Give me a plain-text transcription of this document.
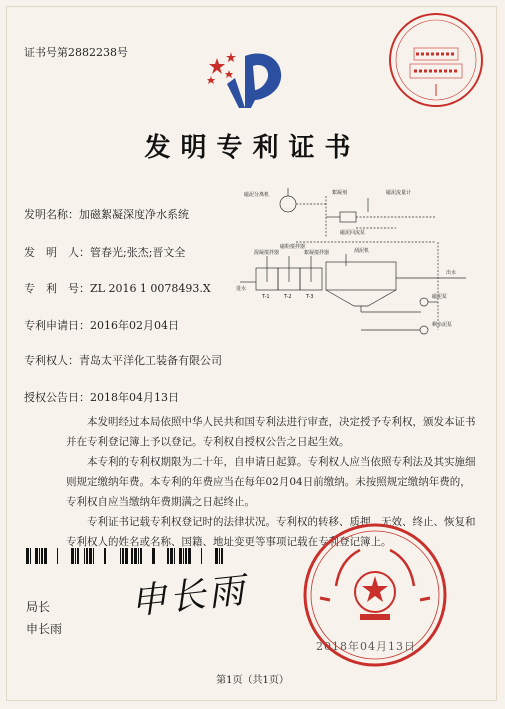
证书号第2882238号
发明专利证书
发明名称：加磁絮凝深度净水系统
发　明　人：管春光;张杰;晋文全
专　利　号：ZL 2016 1 0078493.X
专利申请日：2016年02月04日
专利权人：青岛太平洋化工装备有限公司
授权公告日：2018年04月13日
磁泥分离机	絮凝剂	磁泥流量计
磁泥回流泵
混凝搅拌器
磁粉搅拌器
絮凝搅拌器	刮泥机
进水
出水
磁泥泵
剩余泥泵
T-1	T-2	T-3

本发明经过本局依照中华人民共和国专利法进行审查，决定授予专利权，颁发本证书并在专利登记簿上予以登记。专利权自授权公告之日起生效。

本专利的专利权期限为二十年，自申请日起算。专利权人应当依照专利法及其实施细则规定缴纳年费。本专利的年费应当在每年02月04日前缴纳。未按照规定缴纳年费的，专利权自应当缴纳年费期满之日起终止。

专利证书记载专利权登记时的法律状况。专利权的转移、质押、无效、终止、恢复和专利权人的姓名或名称、国籍、地址变更等事项记载在专利登记簿上。

局长
申长雨
申长雨
2018年04月13日
第1页（共1页）
